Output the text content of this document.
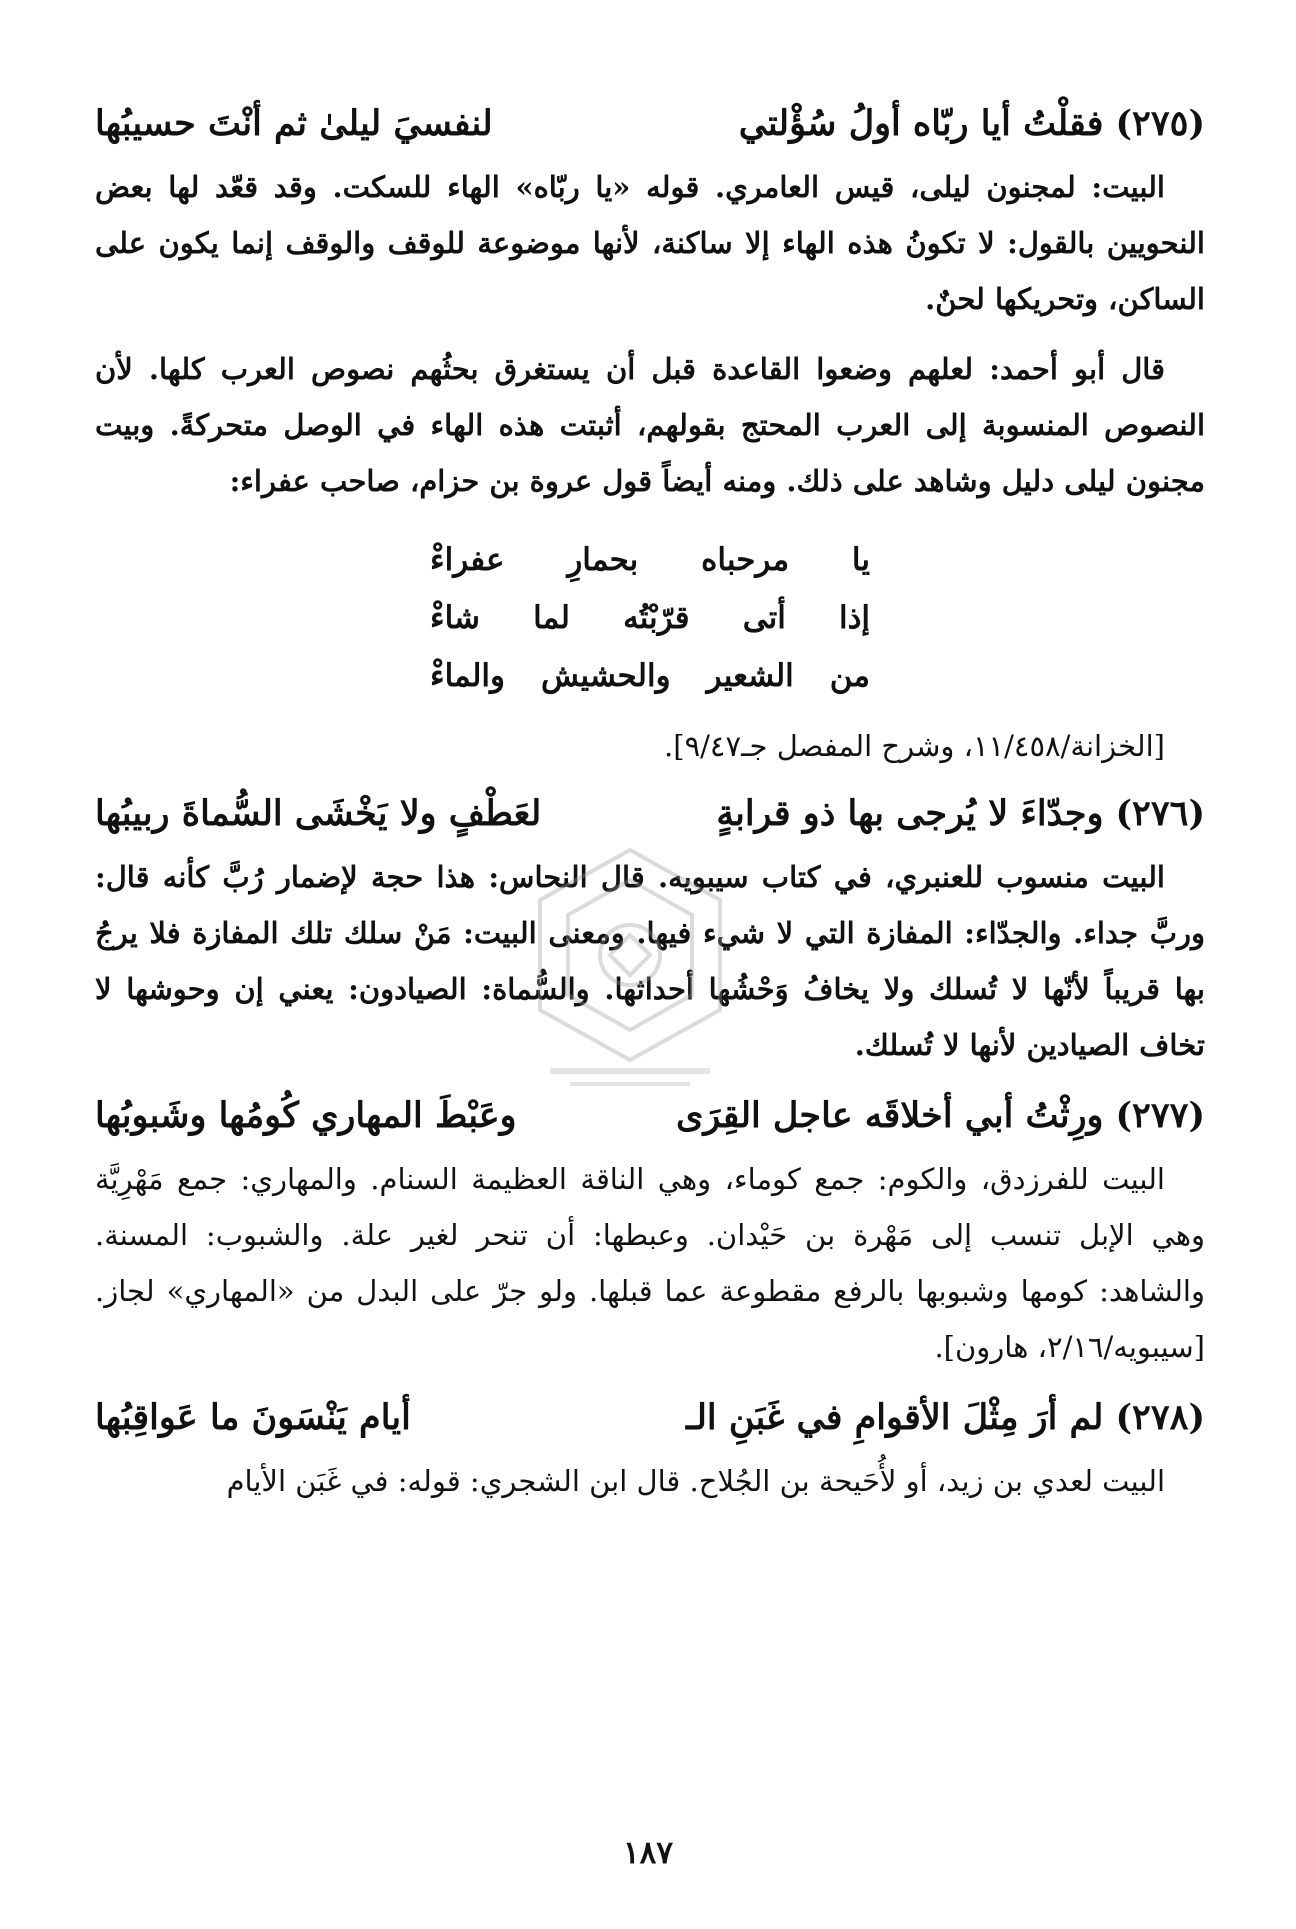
(٢٧٥)
فقلْتُ أيا ربّاه أولُ سُؤْلتي
لنفسيَ ليلىٰ ثم أنْتَ حسيبُها

البيت: لمجنون ليلى، قيس العامري. قوله «يا ربّاه» الهاء للسكت. وقد قعّد لها بعض النحويين بالقول: لا تكونُ هذه الهاء إلا ساكنة، لأنها موضوعة للوقف والوقف إنما يكون على الساكن، وتحريكها لحنٌ.

قال أبو أحمد: لعلهم وضعوا القاعدة قبل أن يستغرق بحثُهم نصوص العرب كلها. لأن النصوص المنسوبة إلى العرب المحتج بقولهم، أثبتت هذه الهاء في الوصل متحركةً. وبيت مجنون ليلى دليل وشاهد على ذلك. ومنه أيضاً قول عروة بن حزام، صاحب عفراء:

يا مرحباه بحمارِ عفراءْ
إذا أتى قرّبْتُه لما شاءْ
من الشعير والحشيش والماءْ

[الخزانة/١١/٤٥٨، وشرح المفصل جـ٩/٤٧].

(٢٧٦)
وجدّاءَ لا يُرجى بها ذو قرابةٍ
لعَطْفٍ ولا يَخْشَى السُّماةَ ربيبُها

البيت منسوب للعنبري، في كتاب سيبويه. قال النحاس: هذا حجة لإضمار رُبَّ كأنه قال: وربَّ جداء. والجدّاء: المفازة التي لا شيء فيها. ومعنى البيت: مَنْ سلك تلك المفازة فلا يرجُ بها قريباً لأنّها لا تُسلك ولا يخافُ وَحْشُها أحداثها. والسُّماة: الصيادون: يعني إن وحوشها لا تخاف الصيادين لأنها لا تُسلك.

(٢٧٧)
ورِثْتُ أبي أخلاقَه عاجل القِرَى
وعَبْطَ المهاري كُومُها وشَبوبُها

البيت للفرزدق، والكوم: جمع كوماء، وهي الناقة العظيمة السنام. والمهاري: جمع مَهْرِيَّة وهي الإبل تنسب إلى مَهْرة بن حَيْدان. وعبطها: أن تنحر لغير علة. والشبوب: المسنة. والشاهد: كومها وشبوبها بالرفع مقطوعة عما قبلها. ولو جرّ على البدل من «المهاري» لجاز. [سيبويه/٢/١٦، هارون].

(٢٧٨)
لم أرَ مِثْلَ الأقوامِ في غَبَنِ الـ
أيام يَنْسَونَ ما عَواقِبُها

البيت لعدي بن زيد، أو لأُحَيحة بن الجُلاح. قال ابن الشجري: قوله: في غَبَن الأيام

١٨٧
